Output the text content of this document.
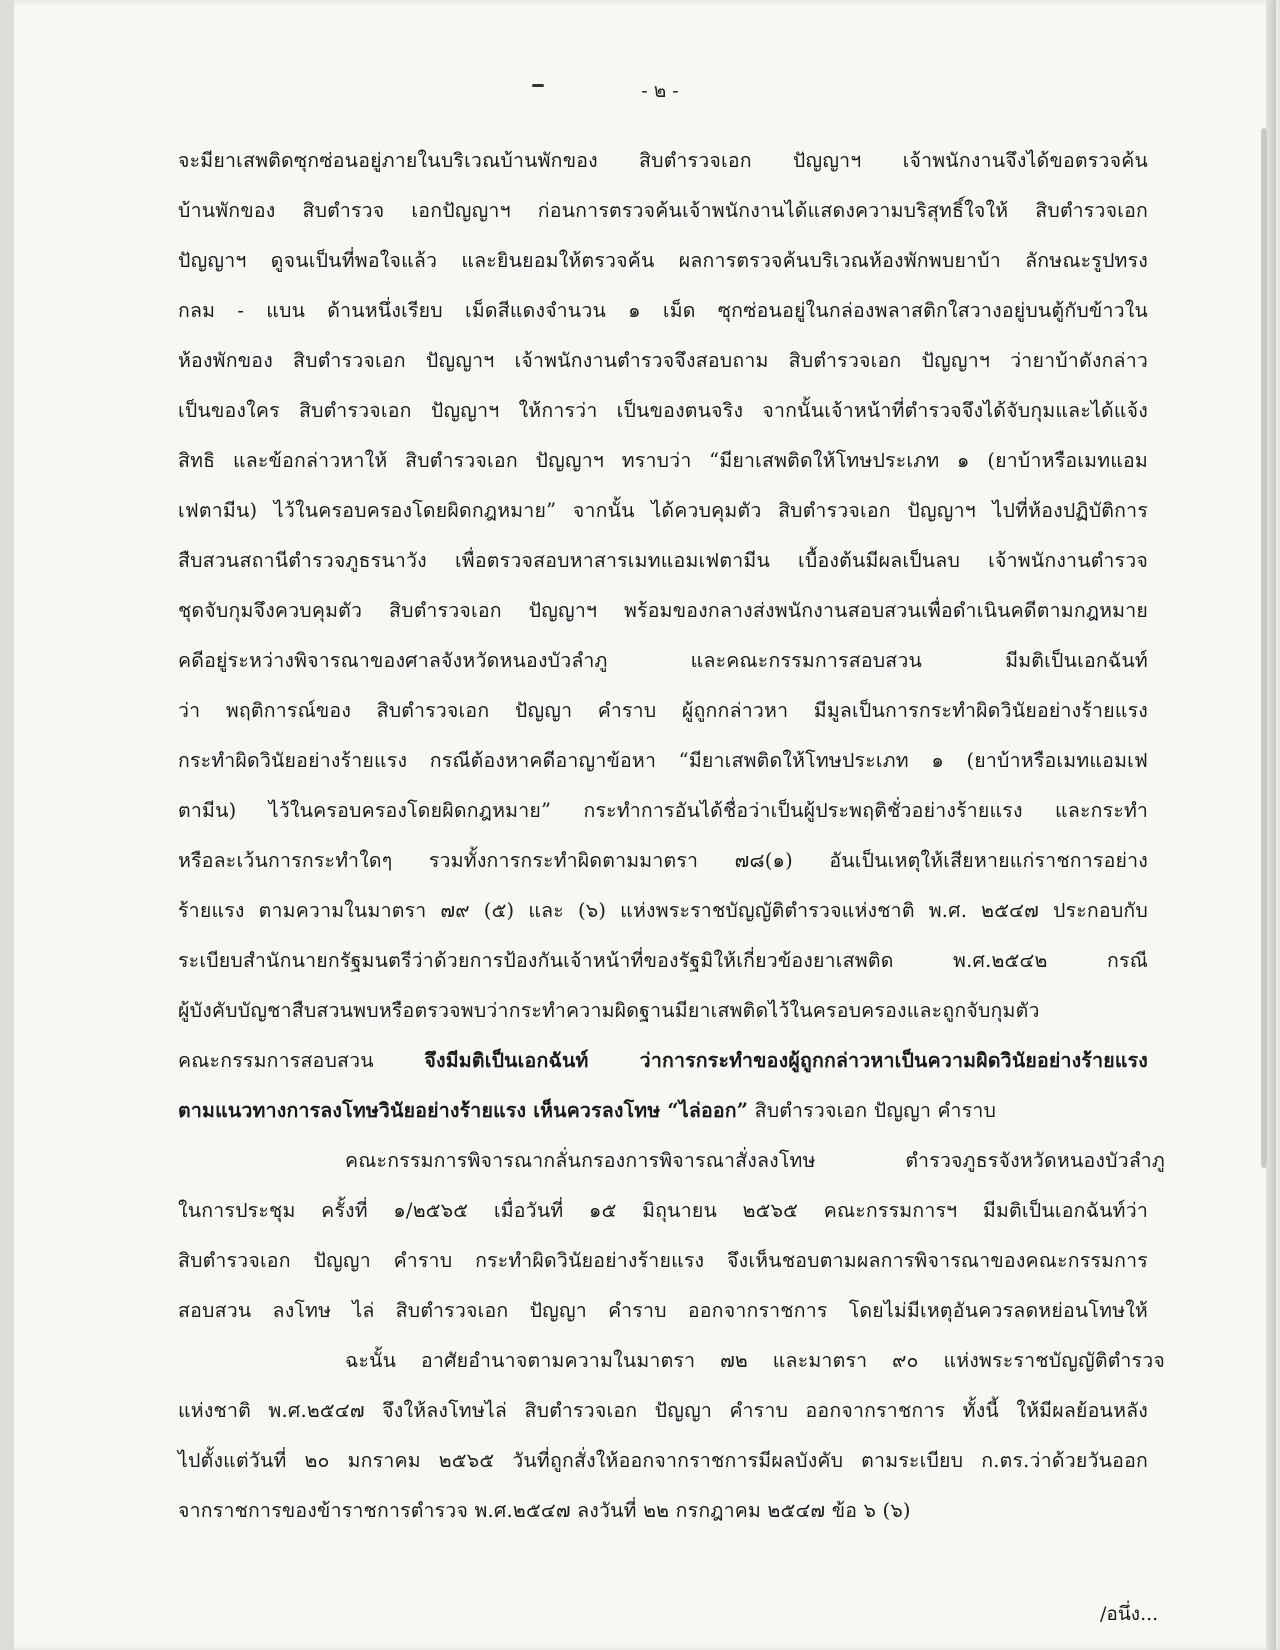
- ๒ -
จะมียาเสพติดซุกซ่อนอยู่ภายในบริเวณบ้านพักของ สิบตำรวจเอก ปัญญาฯ เจ้าพนักงานจึงได้ขอตรวจค้น
บ้านพักของ สิบตำรวจ เอกปัญญาฯ ก่อนการตรวจค้นเจ้าพนักงานได้แสดงความบริสุทธิ์ใจให้ สิบตำรวจเอก
ปัญญาฯ ดูจนเป็นที่พอใจแล้ว และยินยอมให้ตรวจค้น ผลการตรวจค้นบริเวณห้องพักพบยาบ้า ลักษณะรูปทรง
กลม - แบน ด้านหนึ่งเรียบ เม็ดสีแดงจำนวน ๑ เม็ด ซุกซ่อนอยู่ในกล่องพลาสติกใสวางอยู่บนตู้กับข้าวใน
ห้องพักของ สิบตำรวจเอก ปัญญาฯ เจ้าพนักงานตำรวจจึงสอบถาม สิบตำรวจเอก ปัญญาฯ ว่ายาบ้าดังกล่าว
เป็นของใคร สิบตำรวจเอก ปัญญาฯ ให้การว่า เป็นของตนจริง จากนั้นเจ้าหน้าที่ตำรวจจึงได้จับกุมและได้แจ้ง
สิทธิ และข้อกล่าวหาให้ สิบตำรวจเอก ปัญญาฯ ทราบว่า “มียาเสพติดให้โทษประเภท ๑ (ยาบ้าหรือเมทแอม
เฟตามีน) ไว้ในครอบครองโดยผิดกฎหมาย” จากนั้น ได้ควบคุมตัว สิบตำรวจเอก ปัญญาฯ ไปที่ห้องปฏิบัติการ
สืบสวนสถานีตำรวจภูธรนาวัง เพื่อตรวจสอบหาสารเมทแอมเฟตามีน เบื้องต้นมีผลเป็นลบ เจ้าพนักงานตำรวจ
ชุดจับกุมจึงควบคุมตัว สิบตำรวจเอก ปัญญาฯ พร้อมของกลางส่งพนักงานสอบสวนเพื่อดำเนินคดีตามกฎหมาย
คดีอยู่ระหว่างพิจารณาของศาลจังหวัดหนองบัวลำภู และคณะกรรมการสอบสวน มีมติเป็นเอกฉันท์
ว่า พฤติการณ์ของ สิบตำรวจเอก ปัญญา คำราบ ผู้ถูกกล่าวหา มีมูลเป็นการกระทำผิดวินัยอย่างร้ายแรง
กระทำผิดวินัยอย่างร้ายแรง กรณีต้องหาคดีอาญาข้อหา “มียาเสพติดให้โทษประเภท ๑ (ยาบ้าหรือเมทแอมเฟ
ตามีน) ไว้ในครอบครองโดยผิดกฎหมาย” กระทำการอันได้ชื่อว่าเป็นผู้ประพฤติชั่วอย่างร้ายแรง และกระทำ
หรือละเว้นการกระทำใดๆ รวมทั้งการกระทำผิดตามมาตรา ๗๘(๑) อันเป็นเหตุให้เสียหายแก่ราชการอย่าง
ร้ายแรง ตามความในมาตรา ๗๙ (๕) และ (๖) แห่งพระราชบัญญัติตำรวจแห่งชาติ พ.ศ. ๒๕๔๗ ประกอบกับ
ระเบียบสำนักนายกรัฐมนตรีว่าด้วยการป้องกันเจ้าหน้าที่ของรัฐมิให้เกี่ยวข้องยาเสพติด พ.ศ.๒๕๔๒ กรณี
ผู้บังคับบัญชาสืบสวนพบหรือตรวจพบว่ากระทำความผิดฐานมียาเสพติดไว้ในครอบครองและถูกจับกุมตัว
คณะกรรมการสอบสวน	จึงมีมติเป็นเอกฉันท์ ว่าการกระทำของผู้ถูกกล่าวหาเป็นความผิดวินัยอย่างร้ายแรง
ตามแนวทางการลงโทษวินัยอย่างร้ายแรง เห็นควรลงโทษ “ไล่ออก” สิบตำรวจเอก ปัญญา คำราบ
คณะกรรมการพิจารณากลั่นกรองการพิจารณาสั่งลงโทษ ตำรวจภูธรจังหวัดหนองบัวลำภู
ในการประชุม ครั้งที่ ๑/๒๕๖๕ เมื่อวันที่ ๑๕ มิถุนายน ๒๕๖๕ คณะกรรมการฯ มีมติเป็นเอกฉันท์ว่า
สิบตำรวจเอก ปัญญา คำราบ กระทำผิดวินัยอย่างร้ายแรง จึงเห็นชอบตามผลการพิจารณาของคณะกรรมการ
สอบสวน ลงโทษ ไล่ สิบตำรวจเอก ปัญญา คำราบ ออกจากราชการ โดยไม่มีเหตุอันควรลดหย่อนโทษให้
ฉะนั้น อาศัยอำนาจตามความในมาตรา ๗๒ และมาตรา ๙๐ แห่งพระราชบัญญัติตำรวจ
แห่งชาติ พ.ศ.๒๕๔๗ จึงให้ลงโทษไล่ สิบตำรวจเอก ปัญญา คำราบ ออกจากราชการ ทั้งนี้ ให้มีผลย้อนหลัง
ไปตั้งแต่วันที่ ๒๐ มกราคม ๒๕๖๕ วันที่ถูกสั่งให้ออกจากราชการมีผลบังคับ ตามระเบียบ ก.ตร.ว่าด้วยวันออก
จากราชการของข้าราชการตำรวจ พ.ศ.๒๕๔๗ ลงวันที่ ๒๒ กรกฎาคม ๒๕๔๗ ข้อ ๖ (๖)
/อนึ่ง...
